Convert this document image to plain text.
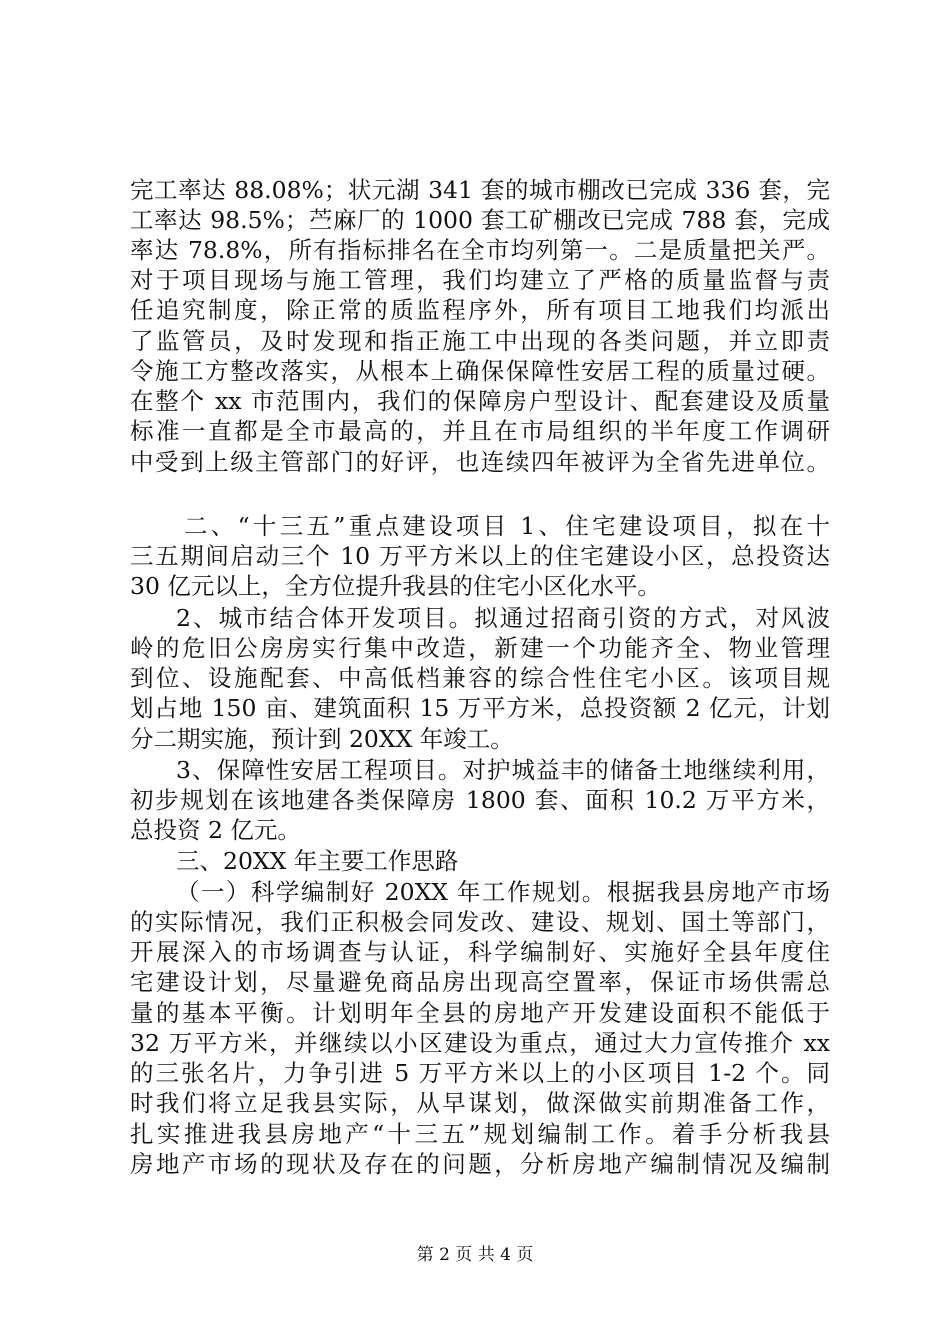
完工率达 88.08%；状元湖 341 套的城市棚改已完成 336 套，完

工率达 98.5%；苎麻厂的 1000 套工矿棚改已完成 788 套，完成

率达 78.8%，所有指标排名在全市均列第一。二是质量把关严。

对于项目现场与施工管理，我们均建立了严格的质量监督与责

任追究制度，除正常的质监程序外，所有项目工地我们均派出

了监管员，及时发现和指正施工中出现的各类问题，并立即责

令施工方整改落实，从根本上确保保障性安居工程的质量过硬。

在整个 xx 市范围内，我们的保障房户型设计、配套建设及质量

标准一直都是全市最高的，并且在市局组织的半年度工作调研

中受到上级主管部门的好评，也连续四年被评为全省先进单位。

二、“十三五”重点建设项目 1、住宅建设项目，拟在十

三五期间启动三个 10 万平方米以上的住宅建设小区，总投资达

30 亿元以上，全方位提升我县的住宅小区化水平。

2、城市结合体开发项目。拟通过招商引资的方式，对风波

岭的危旧公房房实行集中改造，新建一个功能齐全、物业管理

到位、设施配套、中高低档兼容的综合性住宅小区。该项目规

划占地 150 亩、建筑面积 15 万平方米，总投资额 2 亿元，计划

分二期实施，预计到 20XX 年竣工。

3、保障性安居工程项目。对护城益丰的储备土地继续利用，

初步规划在该地建各类保障房 1800 套、面积 10.2 万平方米，

总投资 2 亿元。

三、20XX 年主要工作思路

（一）科学编制好 20XX 年工作规划。根据我县房地产市场

的实际情况，我们正积极会同发改、建设、规划、国土等部门，

开展深入的市场调查与认证，科学编制好、实施好全县年度住

宅建设计划，尽量避免商品房出现高空置率，保证市场供需总

量的基本平衡。计划明年全县的房地产开发建设面积不能低于

32 万平方米，并继续以小区建设为重点，通过大力宣传推介 xx

的三张名片，力争引进 5 万平方米以上的小区项目 1-2 个。同

时我们将立足我县实际，从早谋划，做深做实前期准备工作，

扎实推进我县房地产“十三五”规划编制工作。着手分析我县

房地产市场的现状及存在的问题，分析房地产编制情况及编制

第 2 页 共 4 页
